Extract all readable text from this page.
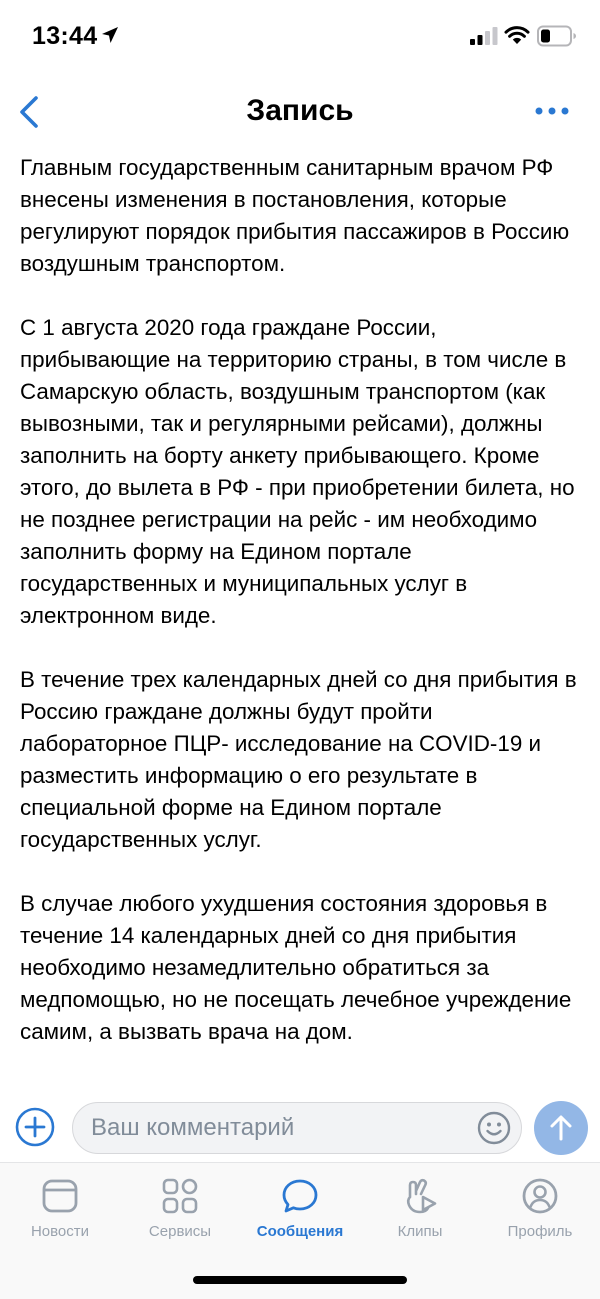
13:44
Запись

Главным государственным санитарным врачом РФ внесены изменения в постановления, которые регулируют порядок прибытия пассажиров в Россию воздушным транспортом.

С 1 августа 2020 года граждане России, прибывающие на территорию страны, в том числе в Самарскую область, воздушным транспортом (как вывозными, так и регулярными рейсами), должны заполнить на борту анкету прибывающего. Кроме этого, до вылета в РФ - при приобретении билета, но не позднее регистрации на рейс - им необходимо заполнить форму на Едином портале государственных и муниципальных услуг в электронном виде.

В течение трех календарных дней со дня прибытия в Россию граждане должны будут пройти лабораторное ПЦР- исследование на COVID-19 и разместить информацию о его результате в специальной форме на Едином портале государственных услуг.

В случае любого ухудшения состояния здоровья в течение 14 календарных дней со дня прибытия необходимо незамедлительно обратиться за медпомощью, но не посещать лечебное учреждение самим, а вызвать врача на дом.

Ваш комментарий
Новости	Сервисы	Сообщения	Клипы	Профиль
